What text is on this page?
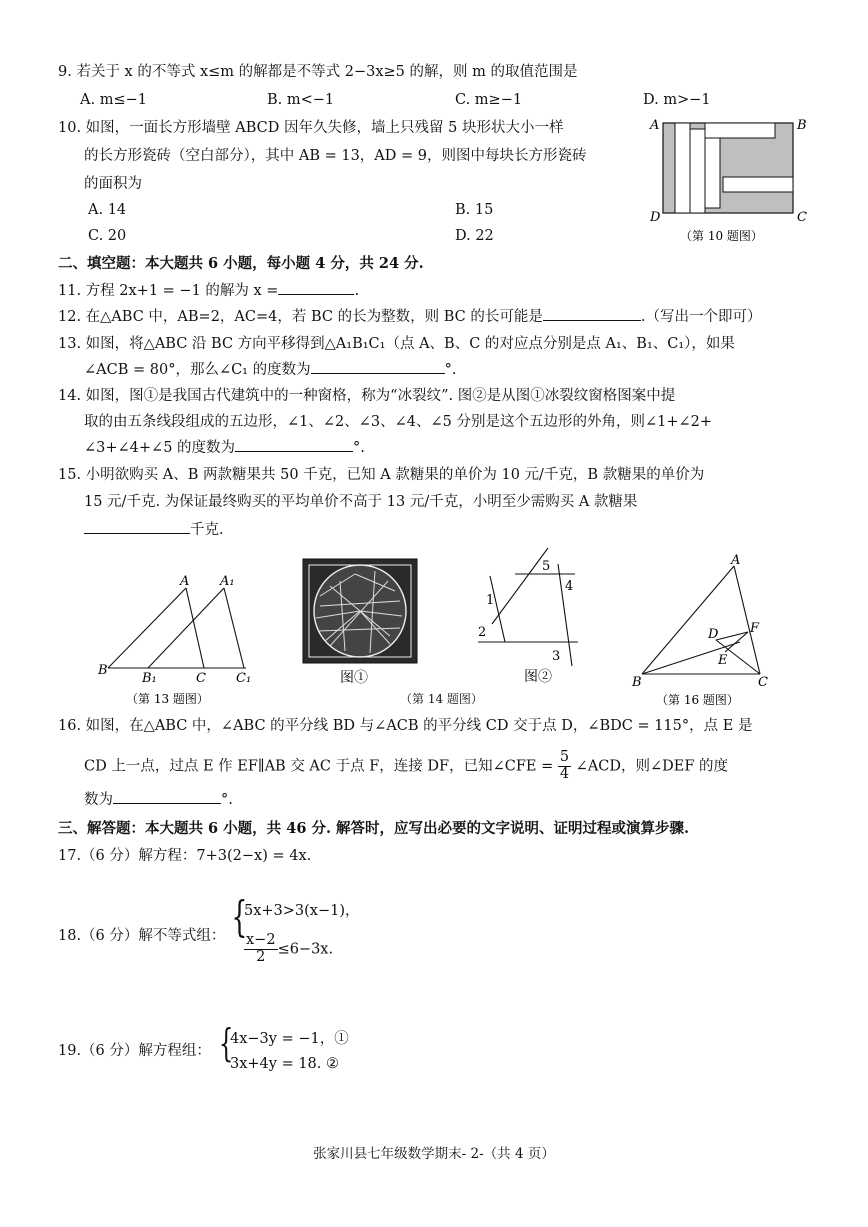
9. 若关于 x 的不等式 x≤m 的解都是不等式 2−3x≥5 的解，则 m 的取值范围是
A. m≤−1	B. m<−1	C. m≥−1	D. m>−1
10. 如图，一面长方形墙壁 ABCD 因年久失修，墙上只残留 5 块形状大小一样
的长方形瓷砖（空白部分），其中 AB = 13，AD = 9，则图中每块长方形瓷砖
的面积为
A. 14	B. 15
C. 20	D. 22
A	B
C
D
（第 10 题图）
二、填空题：本大题共 6 小题，每小题 4 分，共 24 分.
11. 方程 2x+1 = −1 的解为 x =	.
12. 在△ABC 中，AB=2，AC=4，若 BC 的长为整数，则 BC 的长可能是	.（写出一个即可）
13. 如图，将△ABC 沿 BC 方向平移得到△A₁B₁C₁（点 A、B、C 的对应点分别是点 A₁、B₁、C₁），如果
∠ACB = 80°，那么∠C₁ 的度数为	°.
14. 如图，图①是我国古代建筑中的一种窗格，称为“冰裂纹”. 图②是从图①冰裂纹窗格图案中提
取的由五条线段组成的五边形，∠1、∠2、∠3、∠4、∠5 分别是这个五边形的外角，则∠1+∠2+
∠3+∠4+∠5 的度数为	°.
15. 小明欲购买 A、B 两款糖果共 50 千克，已知 A 款糖果的单价为 10 元/千克，B 款糖果的单价为
15 元/千克. 为保证最终购买的平均单价不高于 13 元/千克，小明至少需购买 A 款糖果
千克.
A A₁
B
B₁	C C₁
（第 13 题图）
图①
1
2
3
4
5
图②
（第 14 题图）
A
B	C
D
E
F
（第 16 题图）
16. 如图，在△ABC 中，∠ABC 的平分线 BD 与∠ACB 的平分线 CD 交于点 D，∠BDC = 115°，点 E 是
CD 上一点，过点 E 作 EF∥AB 交 AC 于点 F，连接 DF，已知∠CFE = $\frac{5}{4}$ ∠ACD，则∠DEF 的度
数为	°.
三、解答题：本大题共 6 小题，共 46 分. 解答时，应写出必要的文字说明、证明过程或演算步骤.
17.（6 分）解方程：7+3(2−x) = 4x.
18.（6 分）解不等式组： {
5x+3>3(x−1)，
$\frac{x-2}{2} \le 6-3x$.
19.（6 分）解方程组： {
4x−3y = −1，①
3x+4y = 18. ②
张家川县七年级数学期末- 2-（共 4 页）
